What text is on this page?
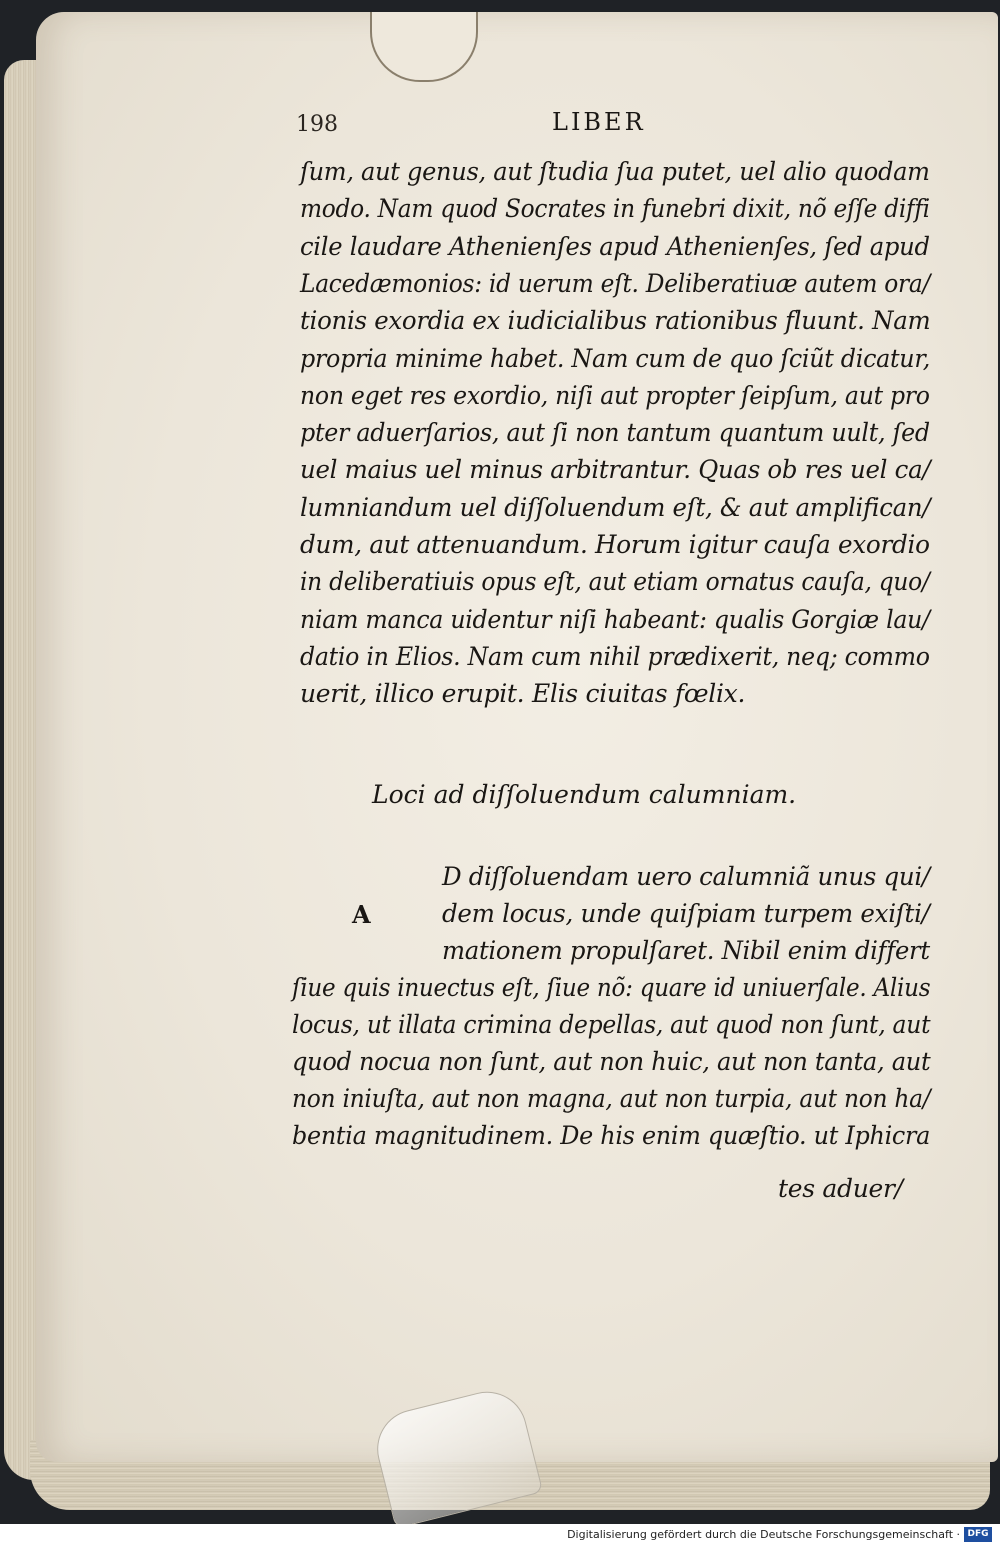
198	LIBER
ſum, aut genus, aut ſtudia ſua putet, uel alio quodam
modo. Nam quod Socrates in funebri dixit, nõ eſſe diffi
cile laudare Athenienſes apud Athenienſes, ſed apud
Lacedæmonios: id uerum eſt. Deliberatiuæ autem ora/
tionis exordia ex iudicialibus rationibus fluunt. Nam
propria minime habet. Nam cum de quo ſciũt dicatur,
non eget res exordio, niſi aut propter ſeipſum, aut pro
pter aduerſarios, aut ſi non tantum quantum uult, ſed
uel maius uel minus arbitrantur. Quas ob res uel ca/
lumniandum uel diſſoluendum eſt, & aut amplifican/
dum, aut attenuandum. Horum igitur cauſa exordio
in deliberatiuis opus eſt, aut etiam ornatus cauſa, quo/
niam manca uidentur niſi habeant: qualis Gorgiæ lau/
datio in Elios. Nam cum nihil prædixerit, neq; commo
uerit, illico erupit. Elis ciuitas fœlix.
Loci ad diſſoluendum calumniam.
A
D diſſoluendam uero calumniã unus qui/
dem locus, unde quiſpiam turpem exiſti/
mationem propulſaret. Nibil enim differt
ſiue quis inuectus eſt, ſiue nõ: quare id uniuerſale. Alius
locus, ut illata crimina depellas, aut quod non ſunt, aut
quod nocua non ſunt, aut non huic, aut non tanta, aut
non iniuſta, aut non magna, aut non turpia, aut non ha/
bentia magnitudinem. De his enim quæſtio. ut Iphicra
tes aduer/
Digitalisierung gefördert durch die Deutsche Forschungsgemeinschaft · DFG
